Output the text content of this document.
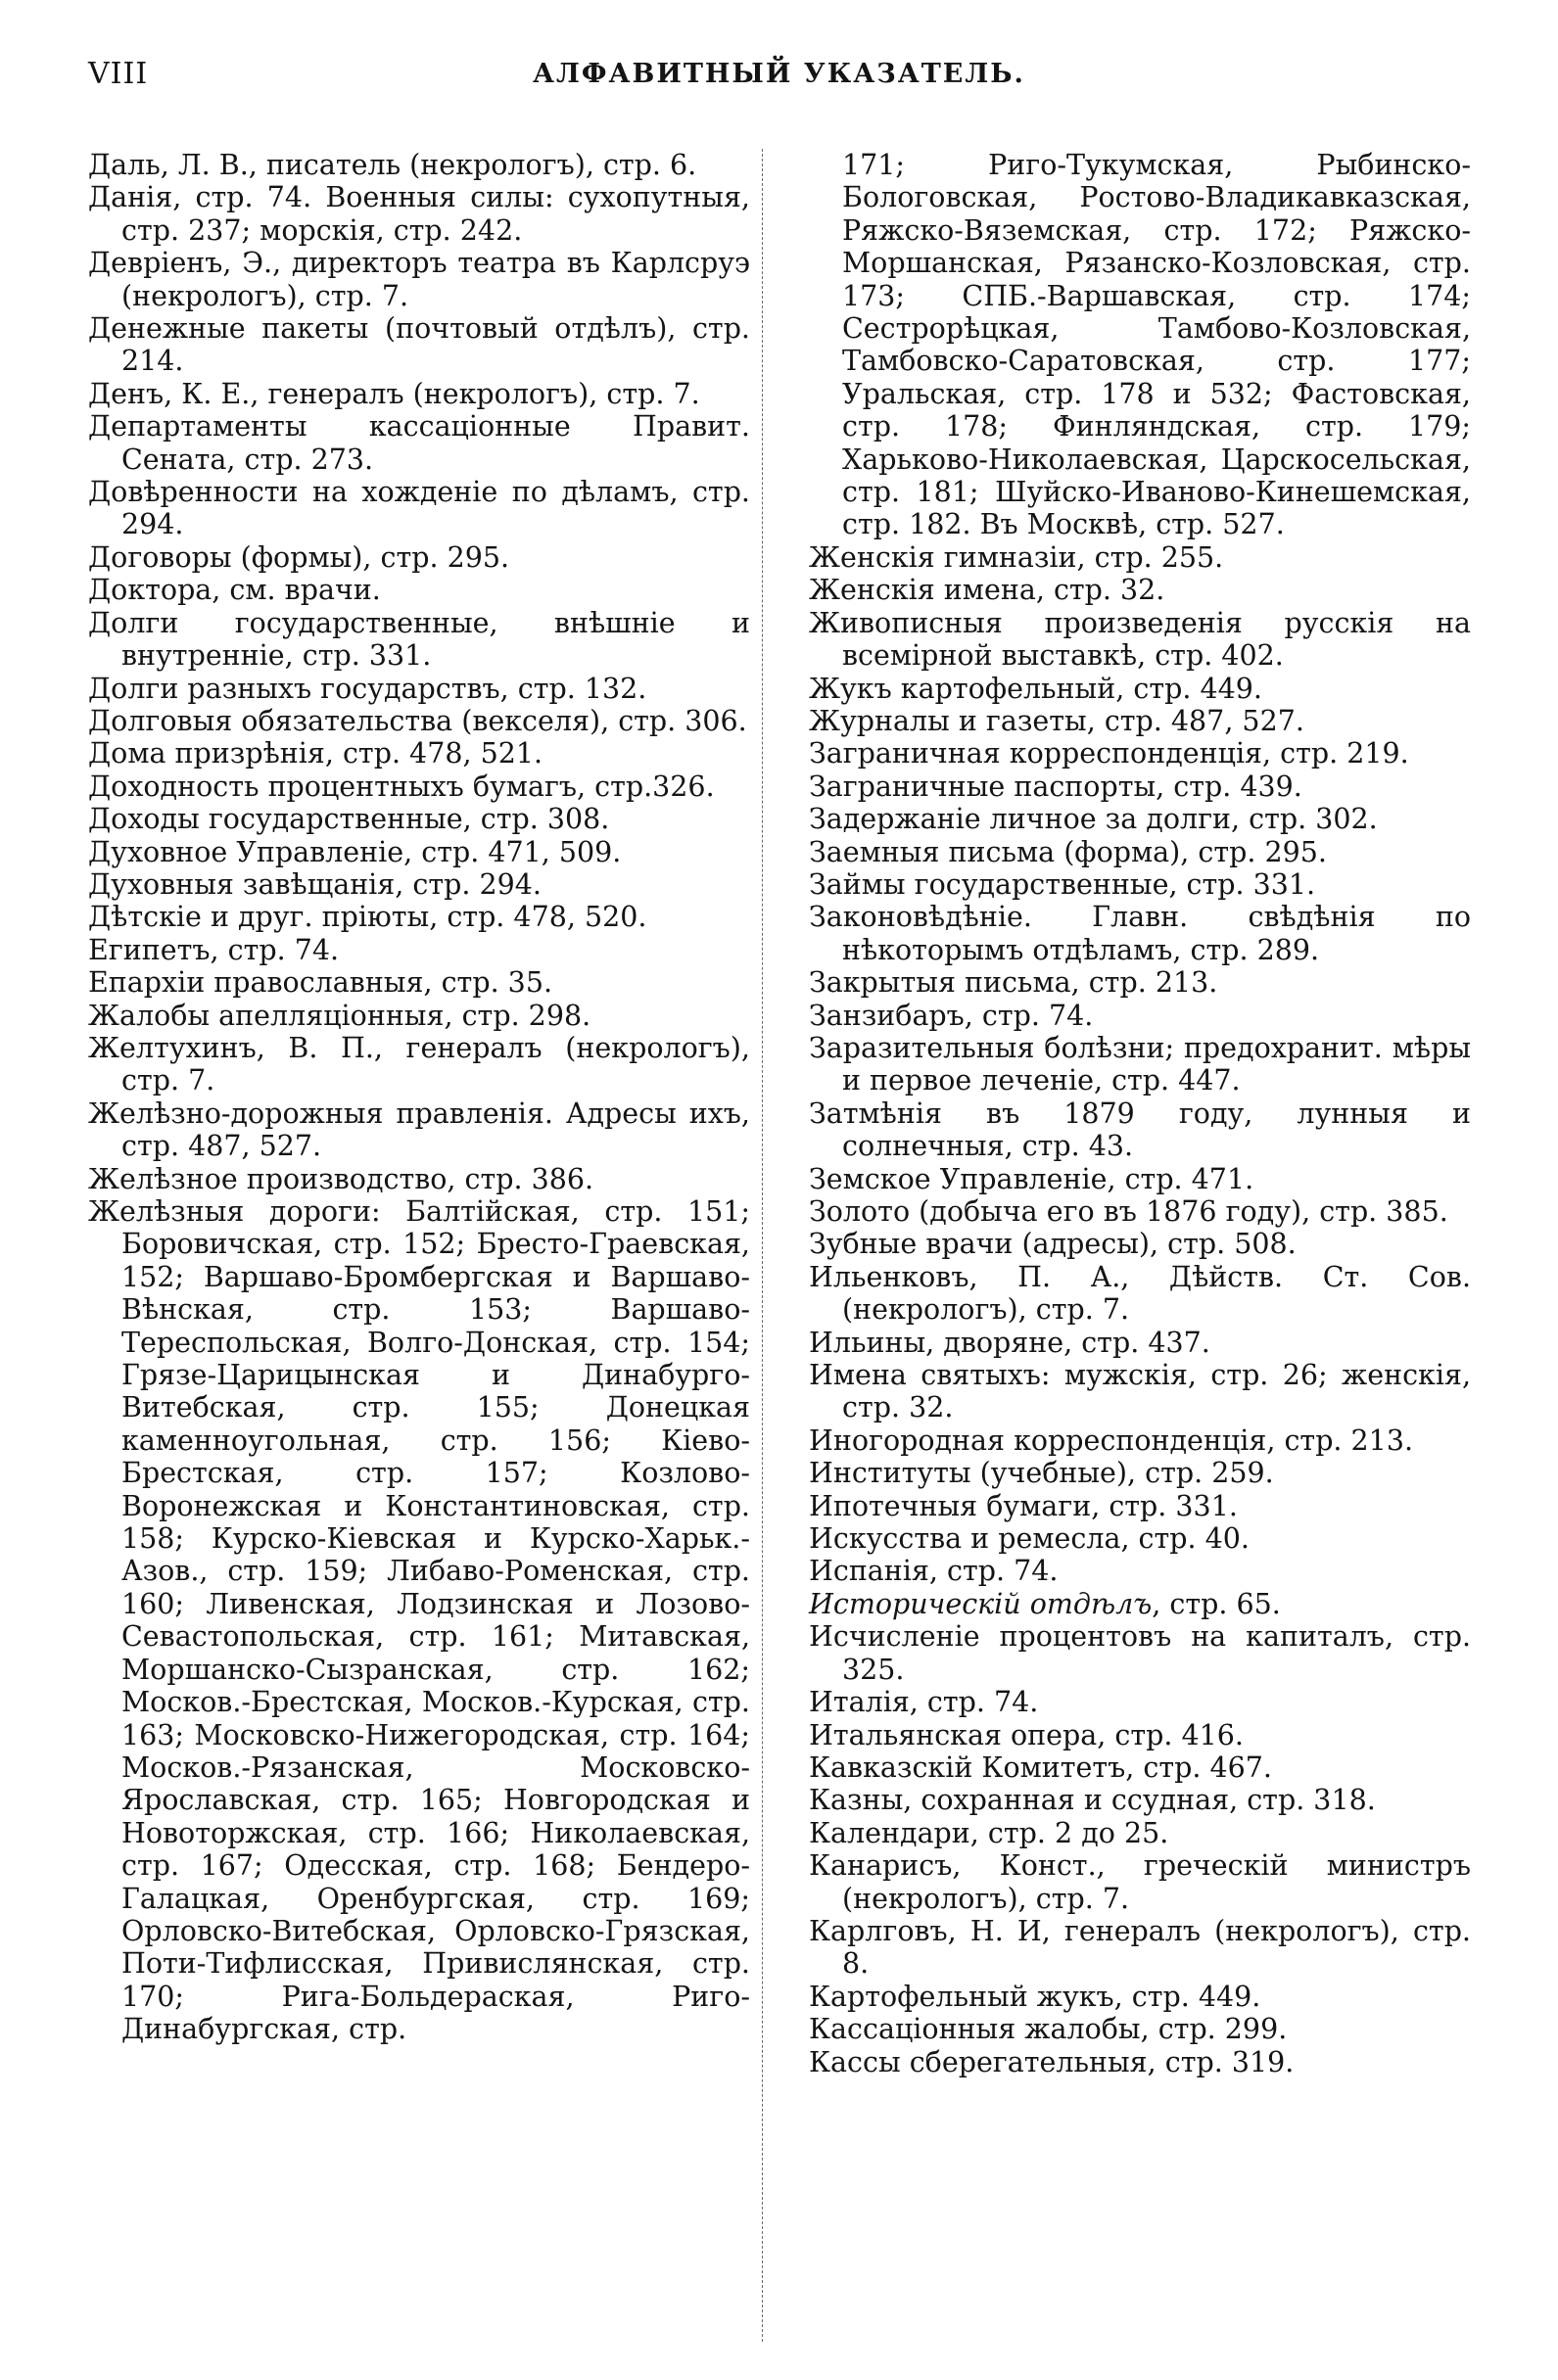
VIII	АЛФАВИТНЫЙ УКАЗАТЕЛЬ.

Даль, Л. В., писатель (некрологъ), стр. 6.

Данія, стр. 74. Военныя силы: сухопутныя, стр. 237; морскія, стр. 242.

Девріенъ, Э., директоръ театра въ Карлсруэ (некрологъ), стр. 7.

Денежные пакеты (почтовый отдѣлъ), стр. 214.

Денъ, К. Е., генералъ (некрологъ), стр. 7.

Департаменты кассаціонные Правит. Сената, стр. 273.

Довѣренности на хожденіе по дѣламъ, стр. 294.

Договоры (формы), стр. 295.

Доктора, см. врачи.

Долги государственные, внѣшніе и внутренніе, стр. 331.

Долги разныхъ государствъ, стр. 132.

Долговыя обязательства (векселя), стр. 306.

Дома призрѣнія, стр. 478, 521.

Доходность процентныхъ бумагъ, стр.326.

Доходы государственные, стр. 308.

Духовное Управленіе, стр. 471, 509.

Духовныя завѣщанія, стр. 294.

Дѣтскіе и друг. пріюты, стр. 478, 520.

Египетъ, стр. 74.

Епархіи православныя, стр. 35.

Жалобы апелляціонныя, стр. 298.

Желтухинъ, В. П., генералъ (некрологъ), стр. 7.

Желѣзно-дорожныя правленія. Адресы ихъ, стр. 487, 527.

Желѣзное производство, стр. 386.

Желѣзныя дороги: Балтійская, стр. 151; Боровичская, стр. 152; Бресто-Граевская, 152; Варшаво-Бромбергская и Варшаво-Вѣнская, стр. 153; Варшаво-Тереспольская, Волго-Донская, стр. 154; Грязе-Царицынская и Динабурго-Витебская, стр. 155; Донецкая каменноугольная, стр. 156; Кіево-Брестская, стр. 157; Козлово-Воронежская и Константиновская, стр. 158; Курско-Кіевская и Курско-Харьк.-Азов., стр. 159; Либаво-Роменская, стр. 160; Ливенская, Лодзинская и Лозово-Севастопольская, стр. 161; Митавская, Моршанско-Сызранская, стр. 162; Москов.-Брестская, Москов.-Курская, стр. 163; Московско-Нижегородская, стр. 164; Москов.-Рязанская, Московско-Ярославская, стр. 165; Новгородская и Новоторжская, стр. 166; Николаевская, стр. 167; Одесская, стр. 168; Бендеро-Галацкая, Оренбургская, стр. 169; Орловско-Витебская, Орловско-Грязская, Поти-Тифлисская, Привислянская, стр. 170; Рига-Больдераская, Риго-Динабургская, стр.

171; Риго-Тукумская, Рыбинско-Бологовская, Ростово-Владикавказская, Ряжско-Вяземская, стр. 172; Ряжско-Моршанская, Рязанско-Козловская, стр. 173; СПБ.-Варшавская, стр. 174; Сестрорѣцкая, Тамбово-Козловская, Тамбовско-Саратовская, стр. 177; Уральская, стр. 178 и 532; Фастовская, стр. 178; Финляндская, стр. 179; Харьково-Николаевская, Царскосельская, стр. 181; Шуйско-Иваново-Кинешемская, стр. 182. Въ Москвѣ, стр. 527.

Женскія гимназіи, стр. 255.

Женскія имена, стр. 32.

Живописныя произведенія русскія на всемірной выставкѣ, стр. 402.

Жукъ картофельный, стр. 449.

Журналы и газеты, стр. 487, 527.

Заграничная корреспонденція, стр. 219.

Заграничные паспорты, стр. 439.

Задержаніе личное за долги, стр. 302.

Заемныя письма (форма), стр. 295.

Займы государственные, стр. 331.

Законовѣдѣніе. Главн. свѣдѣнія по нѣкоторымъ отдѣламъ, стр. 289.

Закрытыя письма, стр. 213.

Занзибаръ, стр. 74.

Заразительныя болѣзни; предохранит. мѣры и первое леченіе, стр. 447.

Затмѣнія въ 1879 году, лунныя и солнечныя, стр. 43.

Земское Управленіе, стр. 471.

Золото (добыча его въ 1876 году), стр. 385.

Зубные врачи (адресы), стр. 508.

Ильенковъ, П. А., Дѣйств. Ст. Сов. (некрологъ), стр. 7.

Ильины, дворяне, стр. 437.

Имена святыхъ: мужскія, стр. 26; женскія, стр. 32.

Иногородная корреспонденція, стр. 213.

Институты (учебные), стр. 259.

Ипотечныя бумаги, стр. 331.

Искусства и ремесла, стр. 40.

Испанія, стр. 74.

Историческій отдѣлъ, стр. 65.

Исчисленіе процентовъ на капиталъ, стр. 325.

Италія, стр. 74.

Итальянская опера, стр. 416.

Кавказскій Комитетъ, стр. 467.

Казны, сохранная и ссудная, стр. 318.

Календари, стр. 2 до 25.

Канарисъ, Конст., греческій министръ (некрологъ), стр. 7.

Карлговъ, Н. И, генералъ (некрологъ), стр. 8.

Картофельный жукъ, стр. 449.

Кассаціонныя жалобы, стр. 299.

Кассы сберегательныя, стр. 319.
